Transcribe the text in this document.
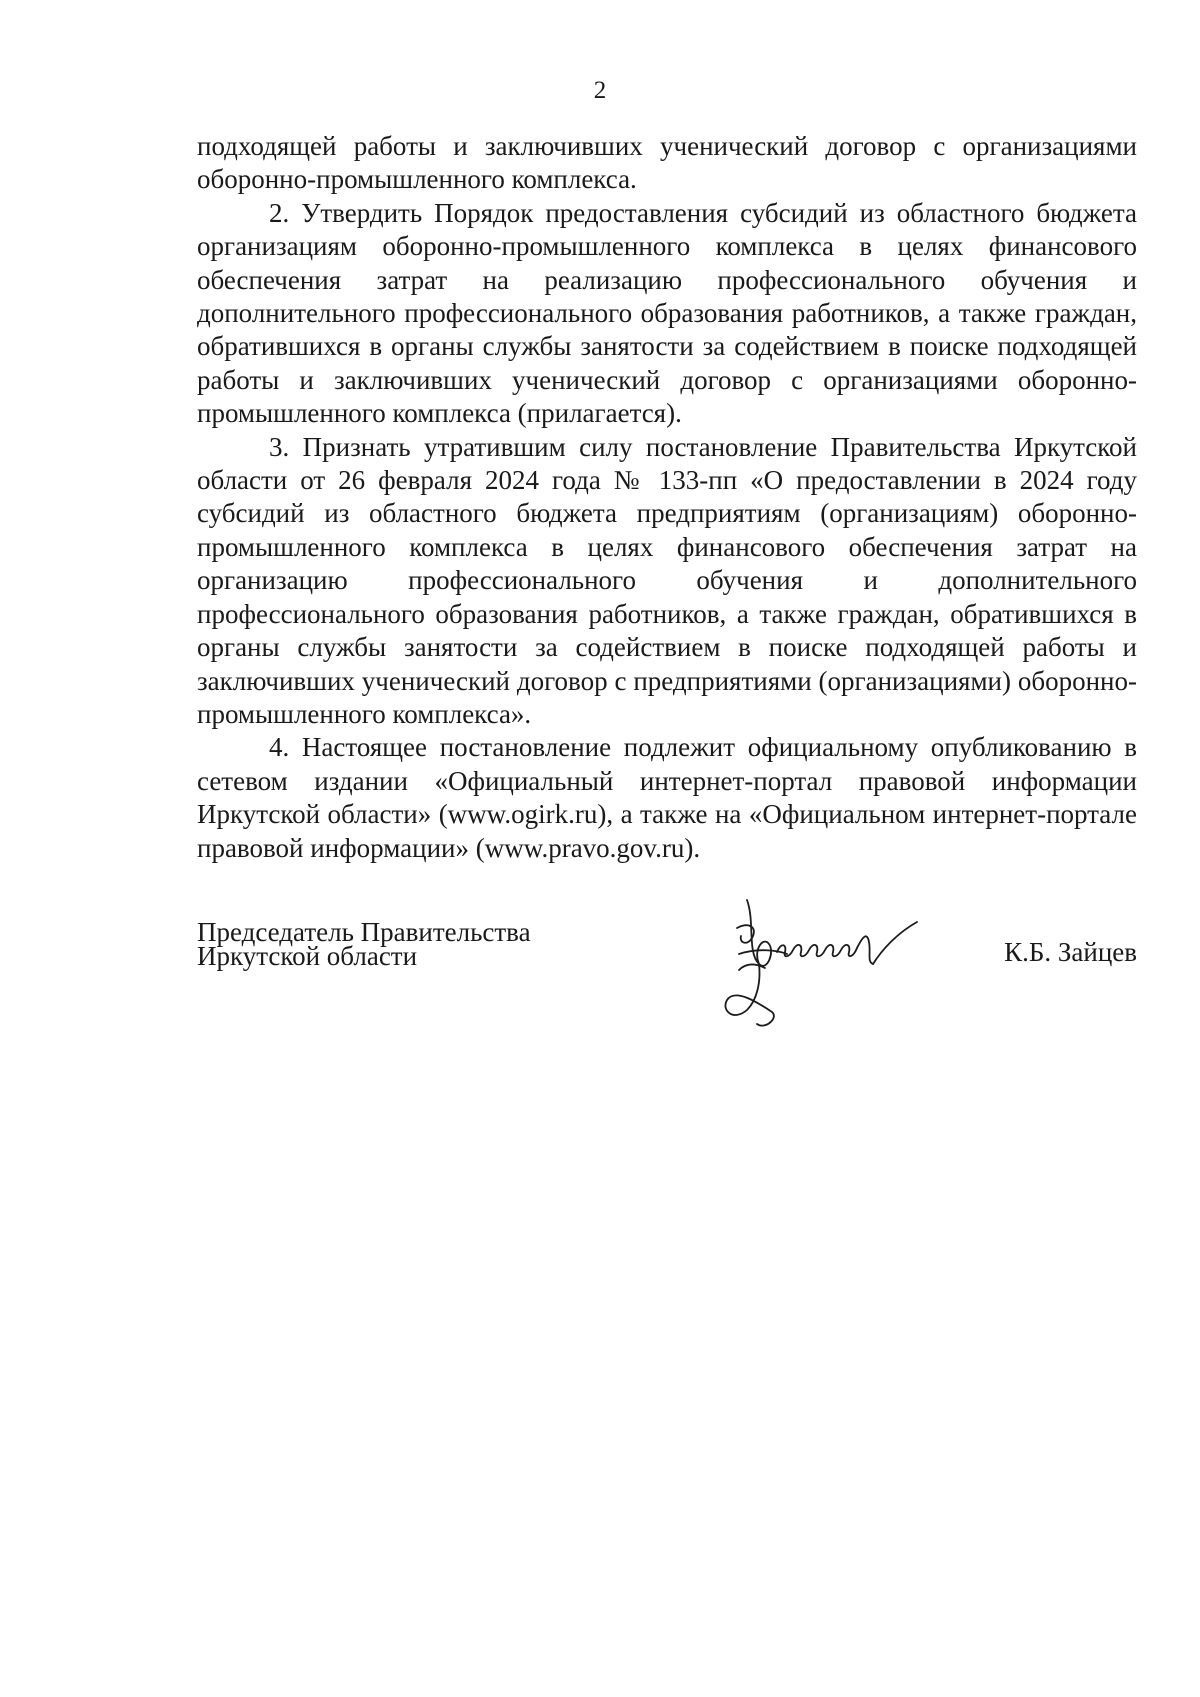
2

подходящей работы и заключивших ученический договор с организациями оборонно-промышленного комплекса.

2. Утвердить Порядок предоставления субсидий из областного бюджета организациям оборонно-промышленного комплекса в целях финансового обеспечения затрат на реализацию профессионального обучения и дополнительного профессионального образования работников, а также граждан, обратившихся в органы службы занятости за содействием в поиске подходящей работы и заключивших ученический договор с организациями оборонно-промышленного комплекса (прилагается).

3. Признать утратившим силу постановление Правительства Иркутской области от 26 февраля 2024 года № 133-пп «О предоставлении в 2024 году субсидий из областного бюджета предприятиям (организациям) оборонно-промышленного комплекса в целях финансового обеспечения затрат на организацию профессионального обучения и дополнительного профессионального образования работников, а также граждан, обратившихся в органы службы занятости за содействием в поиске подходящей работы и заключивших ученический договор с предприятиями (организациями) оборонно-промышленного комплекса».

4. Настоящее постановление подлежит официальному опубликованию в сетевом издании «Официальный интернет-портал правовой информации Иркутской области» (www.ogirk.ru), а также на «Официальном интернет-портале правовой информации» (www.pravo.gov.ru).

Председатель Правительства
Иркутской области	К.Б. Зайцев
